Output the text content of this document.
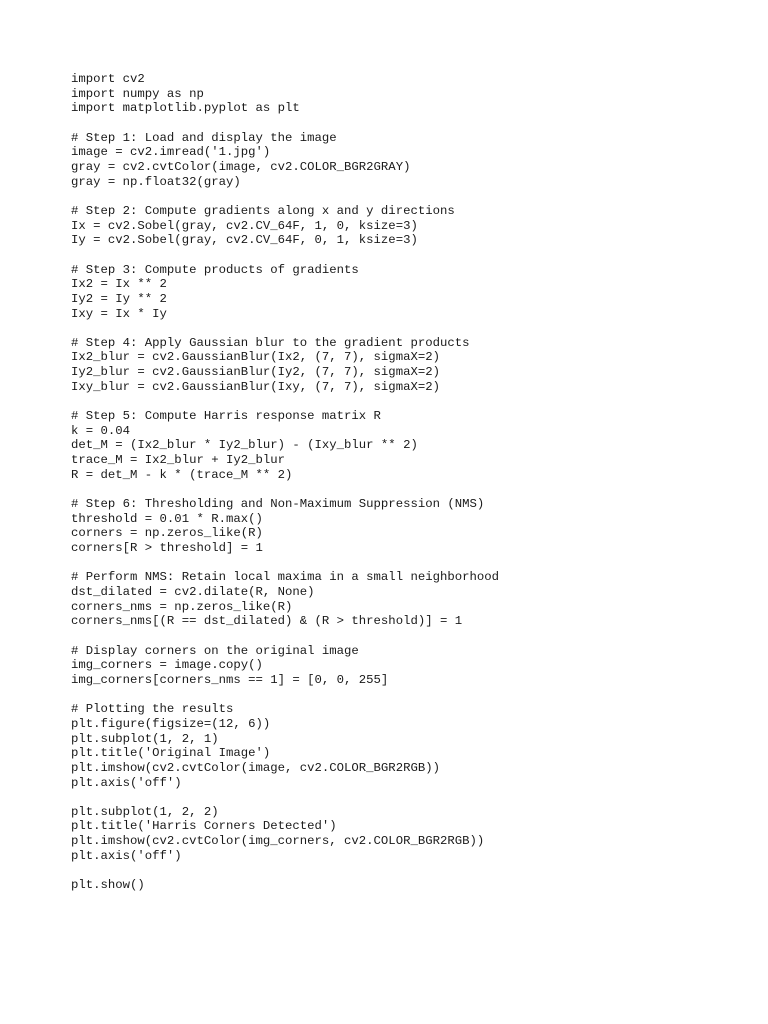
import cv2
import numpy as np
import matplotlib.pyplot as plt
# Step 1: Load and display the image
image = cv2.imread('1.jpg')
gray = cv2.cvtColor(image, cv2.COLOR_BGR2GRAY)
gray = np.float32(gray)
# Step 2: Compute gradients along x and y directions
Ix = cv2.Sobel(gray, cv2.CV_64F, 1, 0, ksize=3)
Iy = cv2.Sobel(gray, cv2.CV_64F, 0, 1, ksize=3)
# Step 3: Compute products of gradients
Ix2 = Ix ** 2
Iy2 = Iy ** 2
Ixy = Ix * Iy
# Step 4: Apply Gaussian blur to the gradient products
Ix2_blur = cv2.GaussianBlur(Ix2, (7, 7), sigmaX=2)
Iy2_blur = cv2.GaussianBlur(Iy2, (7, 7), sigmaX=2)
Ixy_blur = cv2.GaussianBlur(Ixy, (7, 7), sigmaX=2)
# Step 5: Compute Harris response matrix R
k = 0.04
det_M = (Ix2_blur * Iy2_blur) - (Ixy_blur ** 2)
trace_M = Ix2_blur + Iy2_blur
R = det_M - k * (trace_M ** 2)
# Step 6: Thresholding and Non-Maximum Suppression (NMS)
threshold = 0.01 * R.max()
corners = np.zeros_like(R)
corners[R > threshold] = 1
# Perform NMS: Retain local maxima in a small neighborhood
dst_dilated = cv2.dilate(R, None)
corners_nms = np.zeros_like(R)
corners_nms[(R == dst_dilated) & (R > threshold)] = 1
# Display corners on the original image
img_corners = image.copy()
img_corners[corners_nms == 1] = [0, 0, 255]
# Plotting the results
plt.figure(figsize=(12, 6))
plt.subplot(1, 2, 1)
plt.title('Original Image')
plt.imshow(cv2.cvtColor(image, cv2.COLOR_BGR2RGB))
plt.axis('off')
plt.subplot(1, 2, 2)
plt.title('Harris Corners Detected')
plt.imshow(cv2.cvtColor(img_corners, cv2.COLOR_BGR2RGB))
plt.axis('off')
plt.show()
